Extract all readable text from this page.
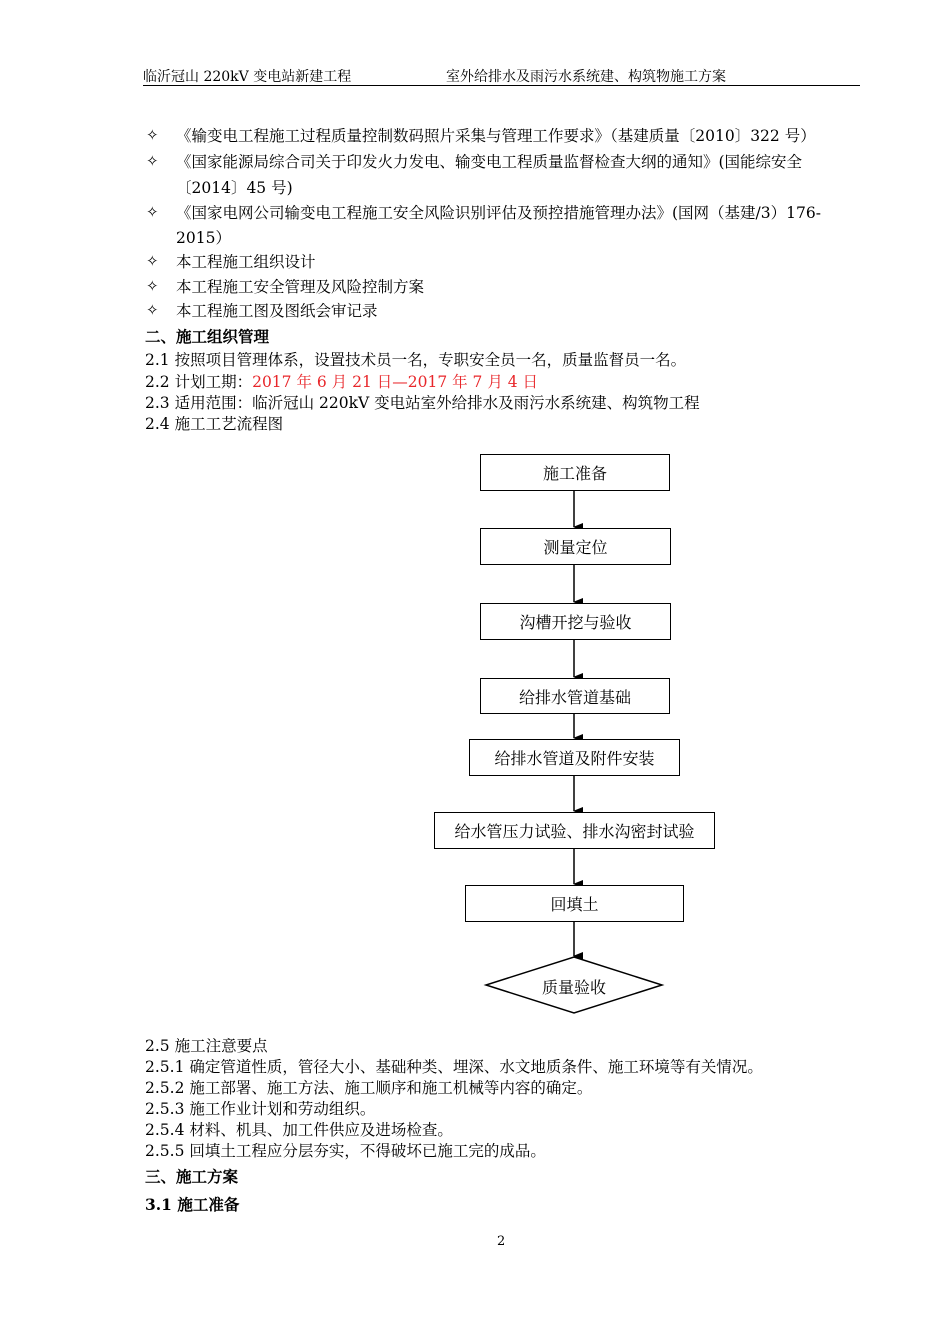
临沂冠山 220kV 变电站新建工程	室外给排水及雨污水系统建、构筑物施工方案
✧ 《输变电工程施工过程质量控制数码照片采集与管理工作要求》（基建质量〔2010〕322 号）
✧ 《国家能源局综合司关于印发火力发电、输变电工程质量监督检查大纲的通知》(国能综安全
〔2014〕45 号)
✧ 《国家电网公司输变电工程施工安全风险识别评估及预控措施管理办法》(国网（基建/3）176-
2015）
✧ 本工程施工组织设计
✧ 本工程施工安全管理及风险控制方案
✧ 本工程施工图及图纸会审记录
二、施工组织管理
2.1 按照项目管理体系，设置技术员一名，专职安全员一名，质量监督员一名。
2.2 计划工期：2017 年 6 月 21 日—2017 年 7 月 4 日
2.3 适用范围：临沂冠山 220kV 变电站室外给排水及雨污水系统建、构筑物工程
2.4 施工工艺流程图
施工准备
测量定位
沟槽开挖与验收
给排水管道基础
给排水管道及附件安装
给水管压力试验、排水沟密封试验
回填土
质量验收
2.5 施工注意要点
2.5.1 确定管道性质，管径大小、基础种类、埋深、水文地质条件、施工环境等有关情况。
2.5.2 施工部署、施工方法、施工顺序和施工机械等内容的确定。
2.5.3 施工作业计划和劳动组织。
2.5.4 材料、机具、加工件供应及进场检查。
2.5.5 回填土工程应分层夯实，不得破坏已施工完的成品。
三、施工方案
3.1 施工准备
2
